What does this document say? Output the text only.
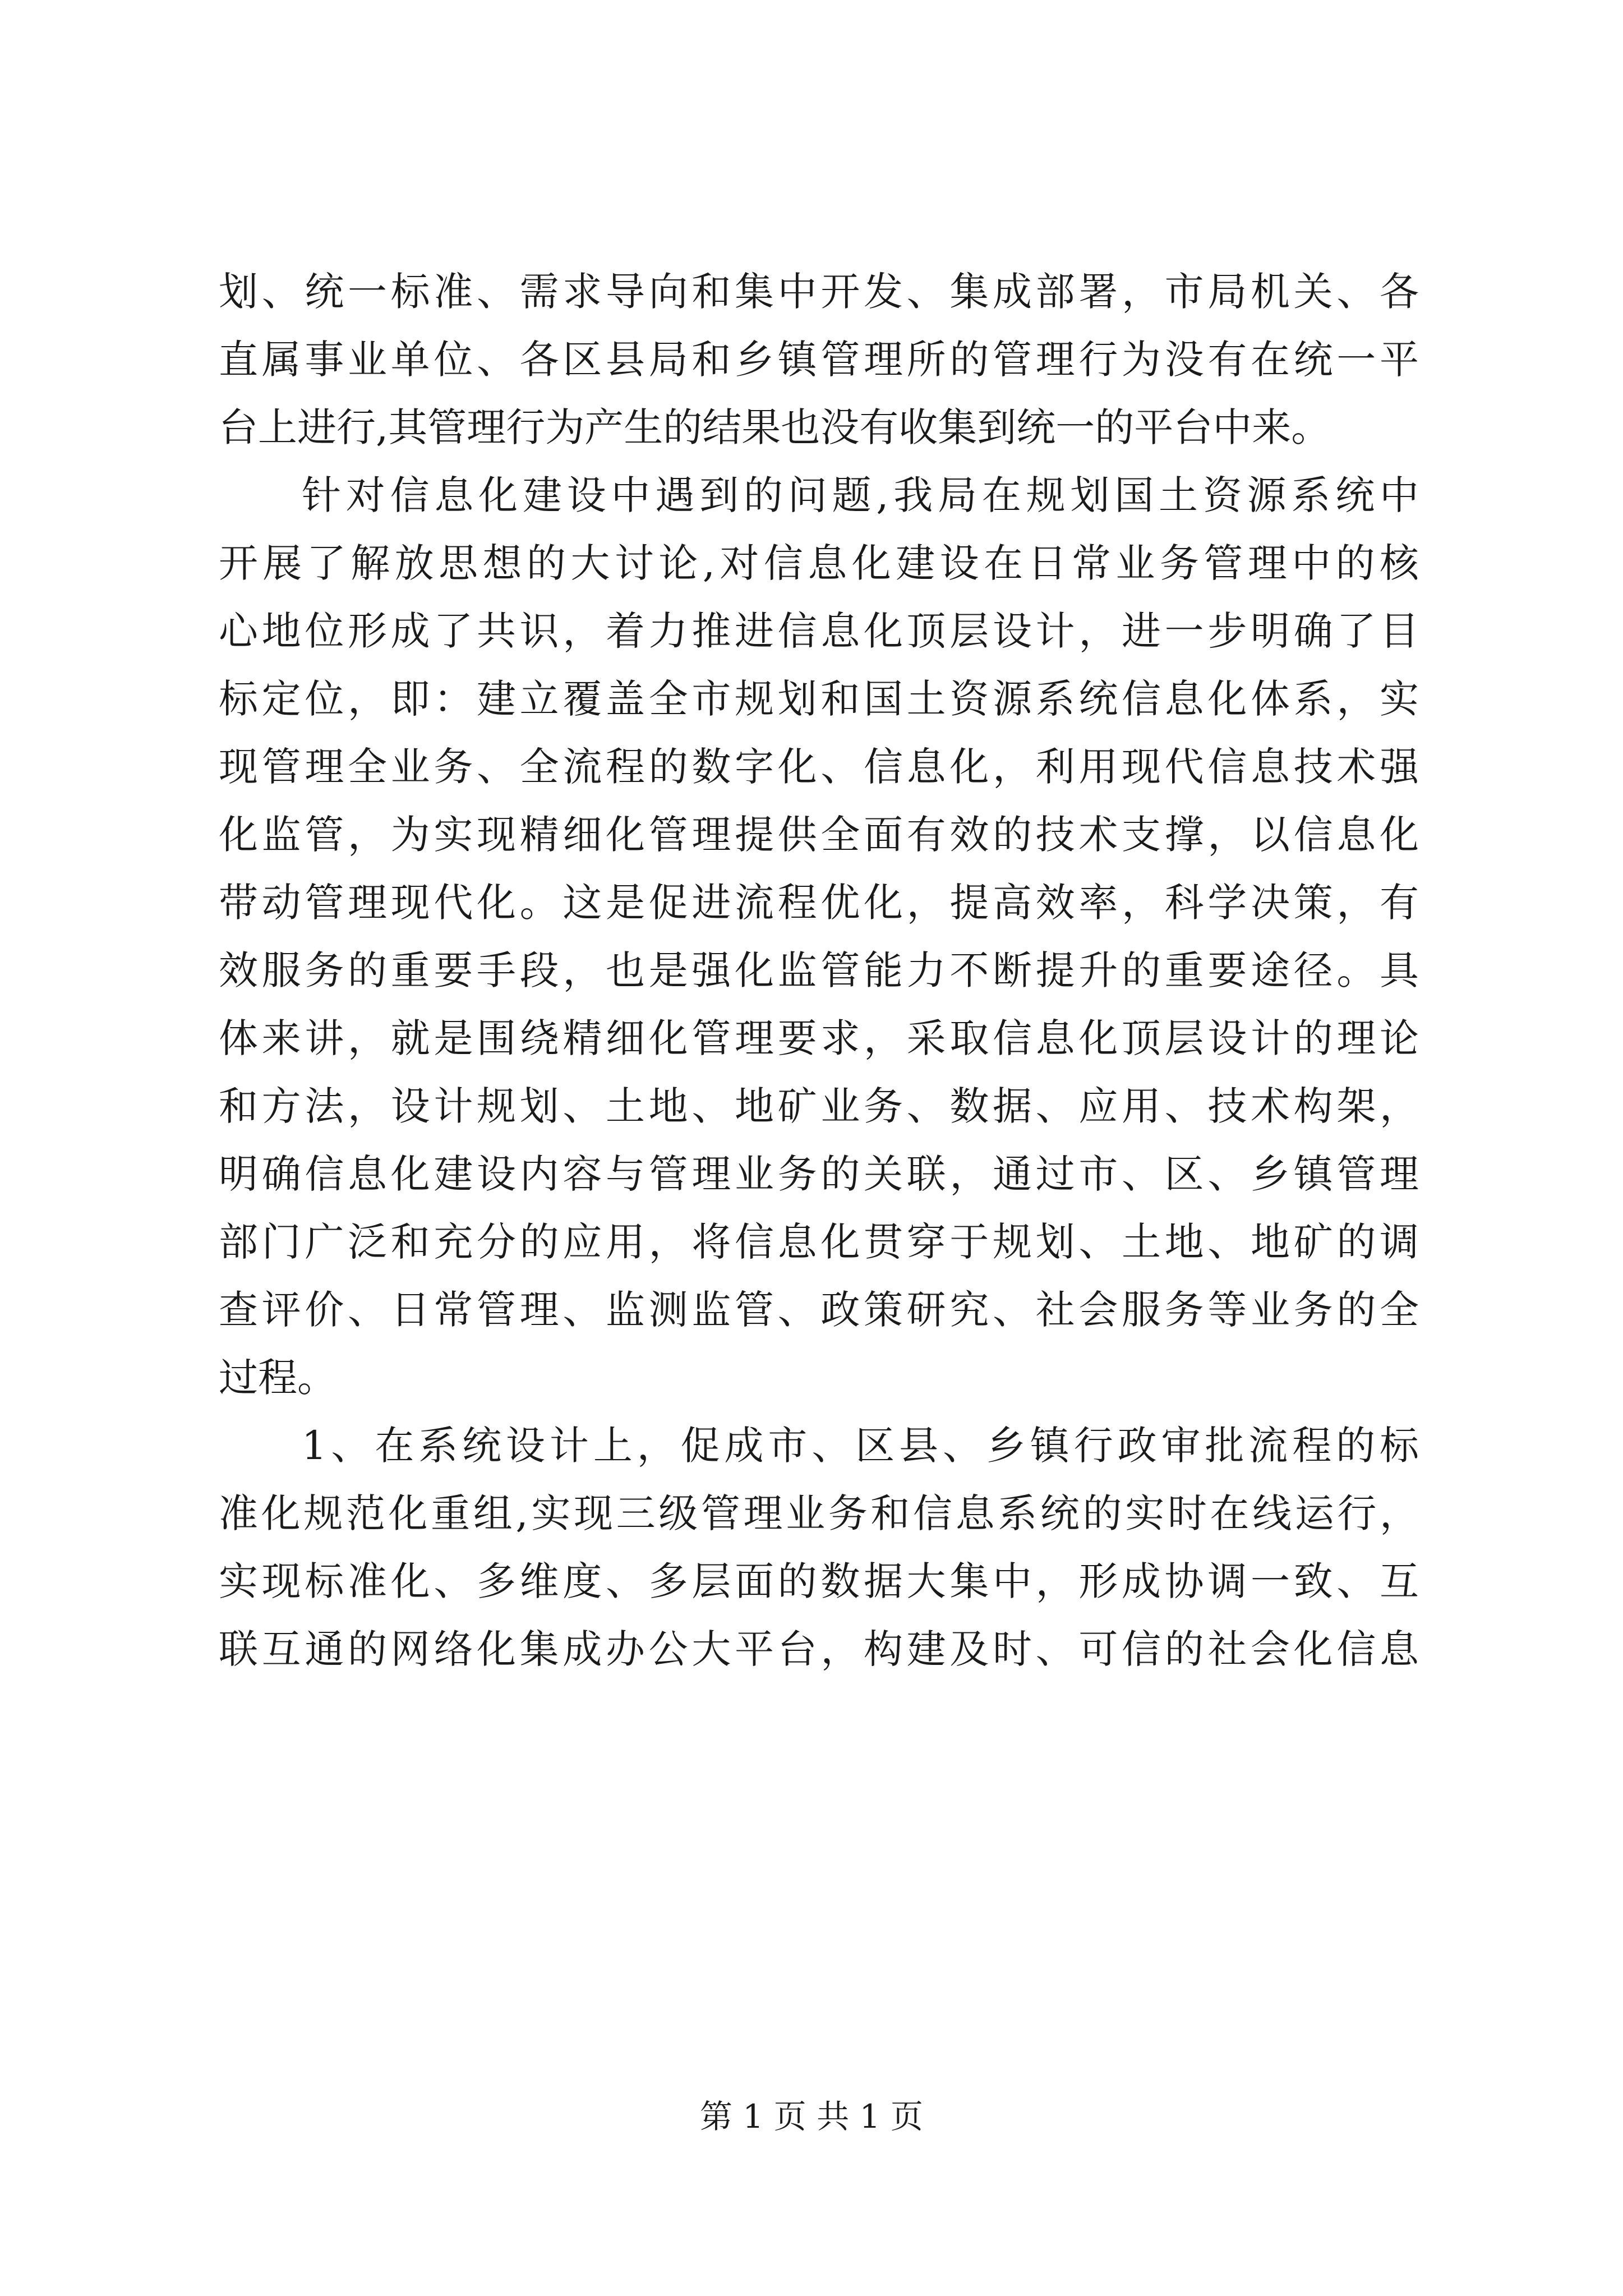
划、统一标准、需求导向和集中开发、集成部署，市局机关、各
直属事业单位、各区县局和乡镇管理所的管理行为没有在统一平
台上进行,其管理行为产生的结果也没有收集到统一的平台中来。
针对信息化建设中遇到的问题,我局在规划国土资源系统中
开展了解放思想的大讨论,对信息化建设在日常业务管理中的核
心地位形成了共识，着力推进信息化顶层设计，进一步明确了目
标定位，即：建立覆盖全市规划和国土资源系统信息化体系，实
现管理全业务、全流程的数字化、信息化，利用现代信息技术强
化监管，为实现精细化管理提供全面有效的技术支撑，以信息化
带动管理现代化。这是促进流程优化，提高效率，科学决策，有
效服务的重要手段，也是强化监管能力不断提升的重要途径。具
体来讲，就是围绕精细化管理要求，采取信息化顶层设计的理论
和方法，设计规划、土地、地矿业务、数据、应用、技术构架，
明确信息化建设内容与管理业务的关联，通过市、区、乡镇管理
部门广泛和充分的应用，将信息化贯穿于规划、土地、地矿的调
查评价、日常管理、监测监管、政策研究、社会服务等业务的全
过程。
1、在系统设计上，促成市、区县、乡镇行政审批流程的标
准化规范化重组,实现三级管理业务和信息系统的实时在线运行，
实现标准化、多维度、多层面的数据大集中，形成协调一致、互
联互通的网络化集成办公大平台，构建及时、可信的社会化信息
第 1 页 共 1 页
